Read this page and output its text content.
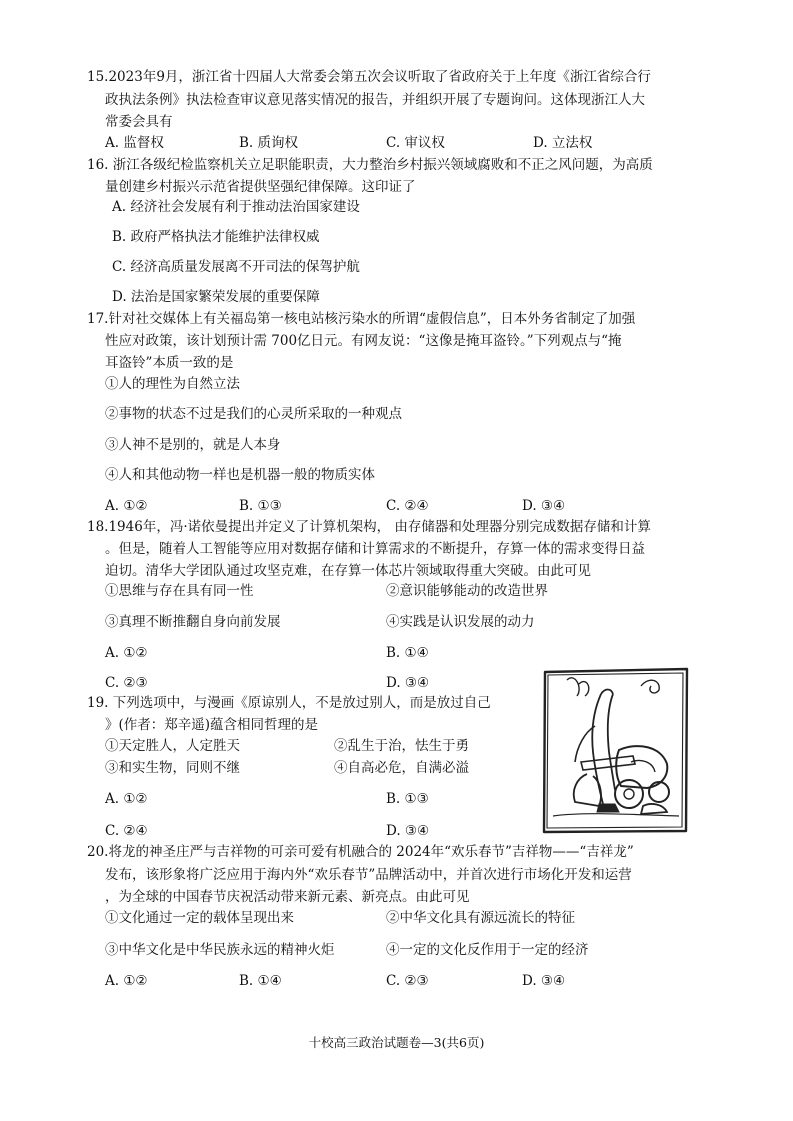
15.2023年9月，浙江省十四届人大常委会第五次会议听取了省政府关于上年度《浙江省综合行
政执法条例》执法检查审议意见落实情况的报告，并组织开展了专题询问。这体现浙江人大
常委会具有
A. 监督权	B. 质询权	C. 审议权	D. 立法权
16. 浙江各级纪检监察机关立足职能职责，大力整治乡村振兴领域腐败和不正之风问题，为高质
量创建乡村振兴示范省提供坚强纪律保障。这印证了
A. 经济社会发展有利于推动法治国家建设
B. 政府严格执法才能维护法律权威
C. 经济高质量发展离不开司法的保驾护航
D. 法治是国家繁荣发展的重要保障
17.针对社交媒体上有关福岛第一核电站核污染水的所谓“虚假信息”，日本外务省制定了加强
性应对政策，该计划预计需 700亿日元。有网友说：“这像是掩耳盗铃。”下列观点与“掩
耳盗铃”本质一致的是
①人的理性为自然立法
②事物的状态不过是我们的心灵所采取的一种观点
③人神不是别的，就是人本身
④人和其他动物一样也是机器一般的物质实体
A. ①②	B. ①③	C. ②④	D. ③④
18.1946年，冯·诺依曼提出并定义了计算机架构， 由存储器和处理器分别完成数据存储和计算
。但是，随着人工智能等应用对数据存储和计算需求的不断提升，存算一体的需求变得日益
迫切。清华大学团队通过攻坚克难，在存算一体芯片领域取得重大突破。由此可见
①思维与存在具有同一性	②意识能够能动的改造世界
③真理不断推翻自身向前发展	④实践是认识发展的动力
A. ①②	B. ①④
C. ②③	D. ③④
19. 下列选项中，与漫画《原谅别人，不是放过别人，而是放过自己
》(作者：郑辛遥)蕴含相同哲理的是
①天定胜人，人定胜天	②乱生于治，怯生于勇
③和实生物，同则不继	④自高必危，自满必溢
A. ①②	B. ①③
C. ②④	D. ③④
20.将龙的神圣庄严与吉祥物的可亲可爱有机融合的 2024年“欢乐春节”吉祥物——“吉祥龙”
发布，该形象将广泛应用于海内外“欢乐春节”品牌活动中，并首次进行市场化开发和运营
，为全球的中国春节庆祝活动带来新元素、新亮点。由此可见
①文化通过一定的载体呈现出来	②中华文化具有源远流长的特征
③中华文化是中华民族永远的精神火炬	④一定的文化反作用于一定的经济
A. ①②	B. ①④	C. ②③	D. ③④
十校高三政治试题卷—3(共6页)
